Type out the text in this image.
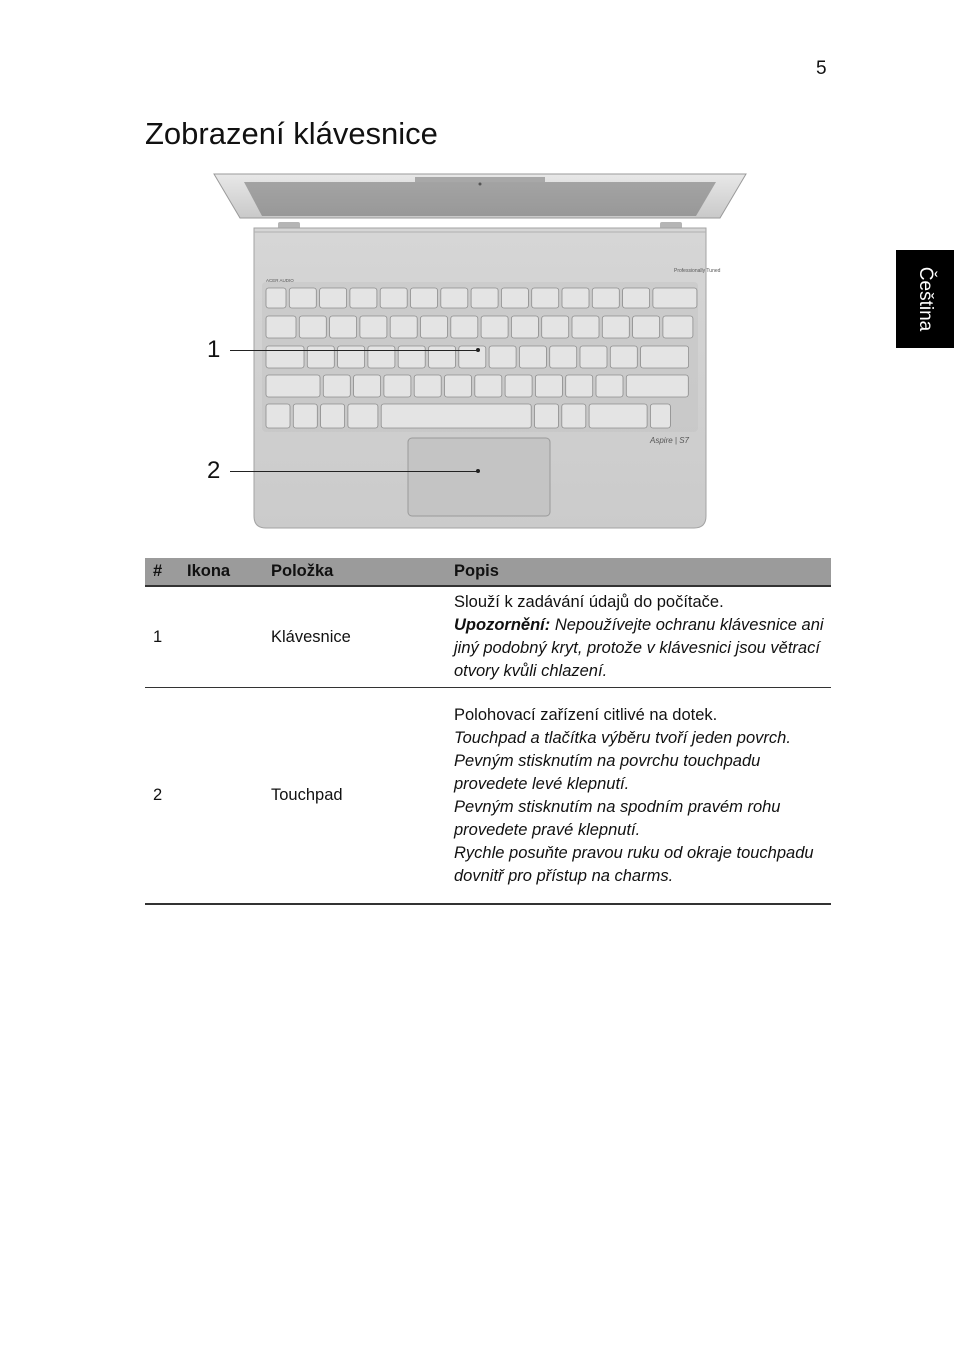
5
Zobrazení klávesnice
Čeština
Professionally Tuned
ACER AUDIO
Aspire | S7
1
2
#	Ikona	Položka	Popis
1		Klávesnice	Slouží k zadávání údajů do počítače.
Upozornění: Nepoužívejte ochranu klávesnice ani jiný podobný kryt, protože v klávesnici jsou větrací otvory kvůli chlazení.

2		Touchpad	Polohovací zařízení citlivé na dotek.
Touchpad a tlačítka výběru tvoří jeden povrch.
Pevným stisknutím na povrchu touchpadu provedete levé klepnutí.
Pevným stisknutím na spodním pravém rohu provedete pravé klepnutí.
Rychle posuňte pravou ruku od okraje touchpadu dovnitř pro přístup na charms.
